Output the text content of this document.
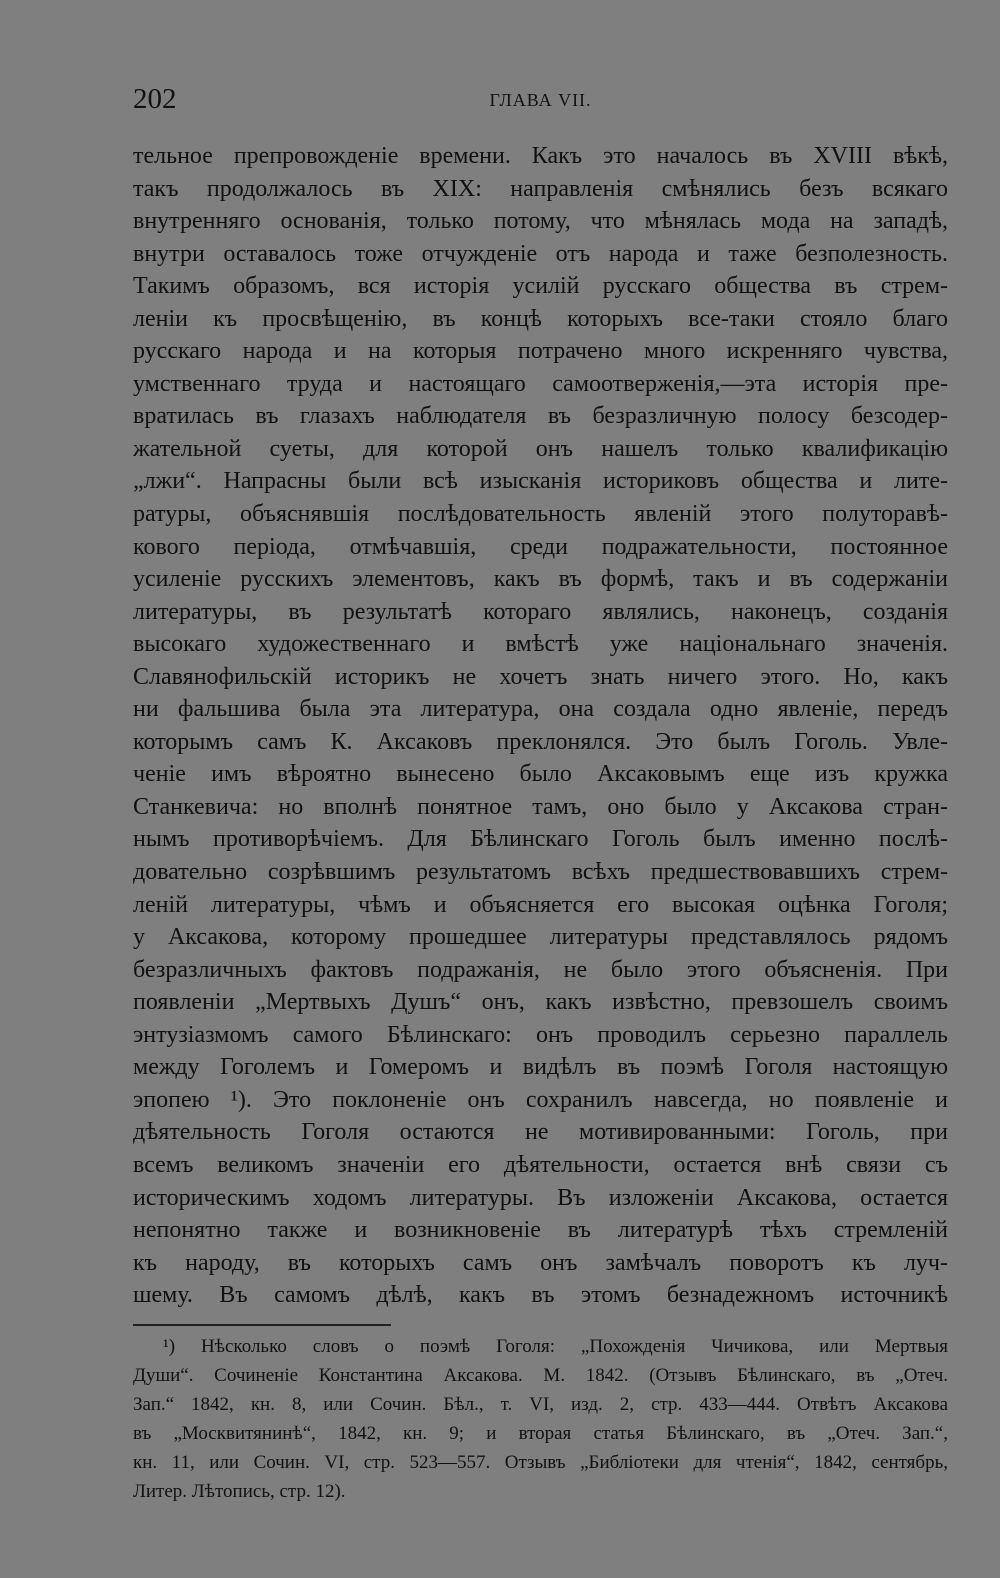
202	ГЛАВА VII.
тельное препровожденіе времени. Какъ это началось въ XVIII вѣкѣ,
такъ продолжалось въ XIX: направленія смѣнялись безъ всякаго
внутренняго основанія, только потому, что мѣнялась мода на западѣ,
внутри оставалось тоже отчужденіе отъ народа и таже безполезность.
Такимъ образомъ, вся исторія усилій русскаго общества въ стрем-
леніи къ просвѣщенію, въ концѣ которыхъ все-таки стояло благо
русскаго народа и на которыя потрачено много искренняго чувства,
умственнаго труда и настоящаго самоотверженія,—эта исторія пре-
вратилась въ глазахъ наблюдателя въ безразличную полосу безсодер-
жательной суеты, для которой онъ нашелъ только квалификацію
„лжи“. Напрасны были всѣ изысканія историковъ общества и лите-
ратуры, объяснявшія послѣдовательность явленій этого полуторавѣ-
кового періода, отмѣчавшія, среди подражательности, постоянное
усиленіе русскихъ элементовъ, какъ въ формѣ, такъ и въ содержаніи
литературы, въ результатѣ котораго являлись, наконецъ, созданія
высокаго художественнаго и вмѣстѣ уже національнаго значенія.
Славянофильскій историкъ не хочетъ знать ничего этого. Но, какъ
ни фальшива была эта литература, она создала одно явленіе, передъ
которымъ самъ К. Аксаковъ преклонялся. Это былъ Гоголь. Увле-
ченіе имъ вѣроятно вынесено было Аксаковымъ еще изъ кружка
Станкевича: но вполнѣ понятное тамъ, оно было у Аксакова стран-
нымъ противорѣчіемъ. Для Бѣлинскаго Гоголь былъ именно послѣ-
довательно созрѣвшимъ результатомъ всѣхъ предшествовавшихъ стрем-
леній литературы, чѣмъ и объясняется его высокая оцѣнка Гоголя;
у Аксакова, которому прошедшее литературы представлялось рядомъ
безразличныхъ фактовъ подражанія, не было этого объясненія. При
появленіи „Мертвыхъ Душъ“ онъ, какъ извѣстно, превзошелъ своимъ
энтузіазмомъ самого Бѣлинскаго: онъ проводилъ серьезно параллель
между Гоголемъ и Гомеромъ и видѣлъ въ поэмѣ Гоголя настоящую
эпопею ¹). Это поклоненіе онъ сохранилъ навсегда, но появленіе и
дѣятельность Гоголя остаются не мотивированными: Гоголь, при
всемъ великомъ значеніи его дѣятельности, остается внѣ связи съ
историческимъ ходомъ литературы. Въ изложеніи Аксакова, остается
непонятно также и возникновеніе въ литературѣ тѣхъ стремленій
къ народу, въ которыхъ самъ онъ замѣчалъ поворотъ къ луч-
шему. Въ самомъ дѣлѣ, какъ въ этомъ безнадежномъ источникѣ
¹) Нѣсколько словъ о поэмѣ Гоголя: „Похожденія Чичикова, или Мертвыя
Души“. Сочиненіе Константина Аксакова. М. 1842. (Отзывъ Бѣлинскаго, въ „Отеч.
Зап.“ 1842, кн. 8, или Сочин. Бѣл., т. VI, изд. 2, стр. 433—444. Отвѣтъ Аксакова
въ „Москвитянинѣ“, 1842, кн. 9; и вторая статья Бѣлинскаго, въ „Отеч. Зап.“,
кн. 11, или Сочин. VI, стр. 523—557. Отзывъ „Библіотеки для чтенія“, 1842, сентябрь,
Литер. Лѣтопись, стр. 12).
